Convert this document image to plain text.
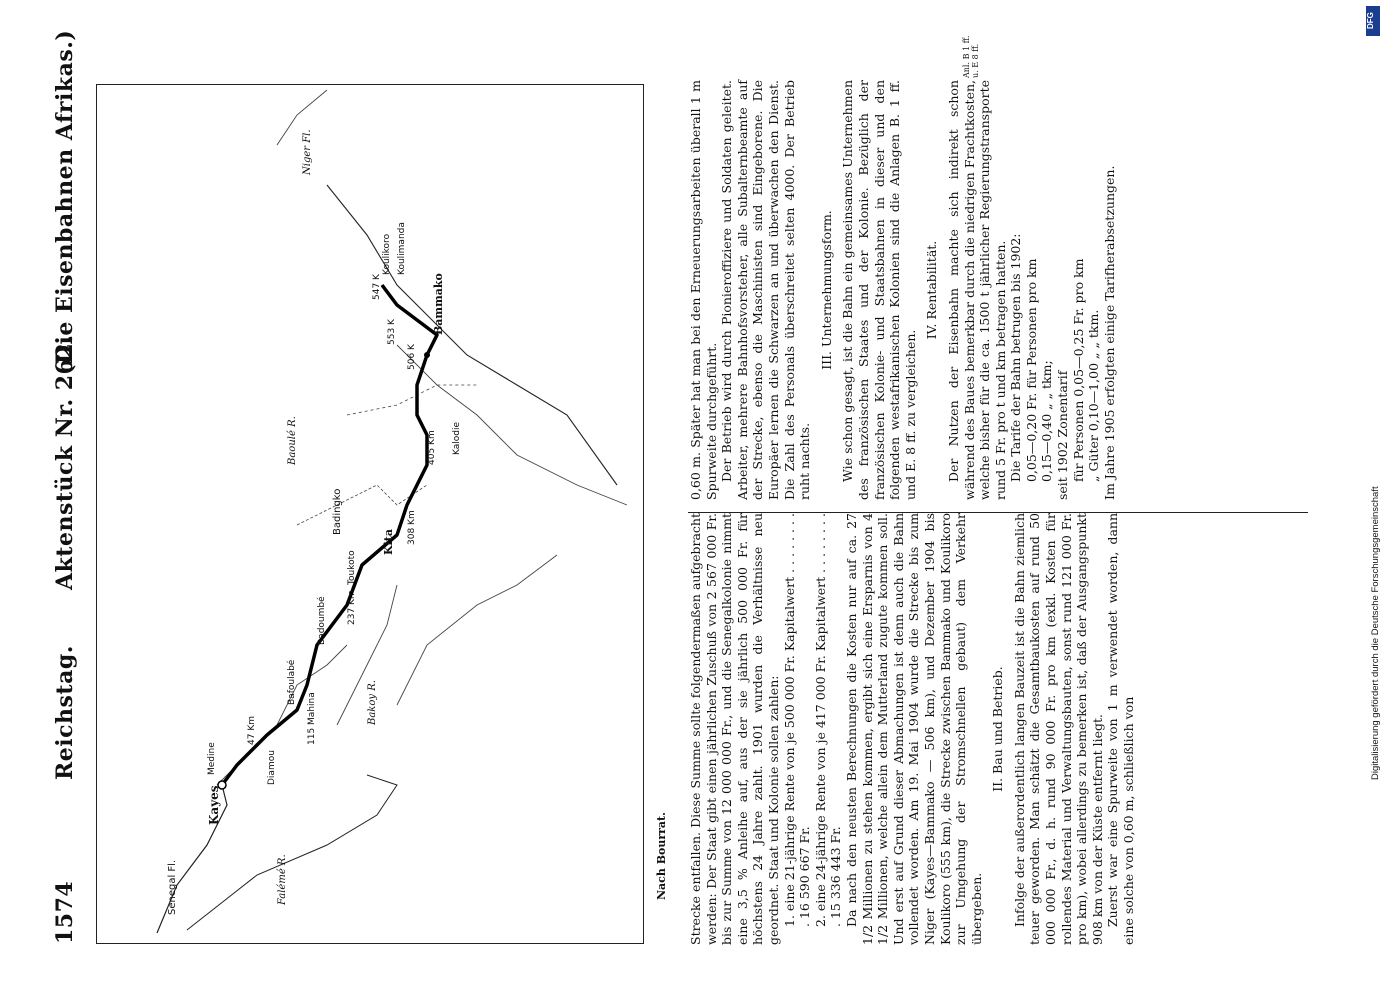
1574
Reichstag.
Aktenstück Nr. 262.
(Die Eisenbahnen Afrikas.)
Senegal Fl.
Kayes
Medine	Diamou
47 Km
Falémé R.
Bafoulabé
115 Mahina
Badoumbé 237 Km
Toukoto
Bakoy R.
Badingko
Kita 308 Km
Baoulé R.	405 Km Kalodie
506 K
553 K	Bammako
547 K
Koulikoro Koulimanda
Niger Fl.
Nach Bourrat. Strecke entfallen. Diese Summe sollte folgendermaßen aufgebracht werden: Der Staat gibt einen jährlichen Zuschuß von 2 567 000 Fr. bis zur Summe von 12 000 000 Fr., und die Senegalkolonie nimmt eine 3,5 % Anleihe auf, aus der sie jährlich 500 000 Fr. für höchstens 24 Jahre zahlt. 1901 wurden die Verhältnisse neu geordnet. Staat und Kolonie sollen zahlen: 1. eine 21-jährige Rente von je 500 000 Fr. Kapitalwert . . . . . . . . . 16 590 667 Fr. 2. eine 24-jährige Rente von je 417 000 Fr. Kapitalwert . . . . . . . . . 15 336 443 Fr. Da nach den neusten Berechnungen die Kosten nur auf ca. 27 1/2 Millionen zu stehen kommen, ergibt sich eine Ersparnis von 4 1/2 Millionen, welche allein dem Mutterland zugute kommen soll. Und erst auf Grund dieser Abmachungen ist denn auch die Bahn vollendet worden. Am 19. Mai 1904 wurde die Strecke bis zum Niger (Kayes—Bammako — 506 km), und Dezember 1904 bis Koulikoro (555 km), die Strecke zwischen Bammako und Koulikoro zur Umgehung der Stromschnellen gebaut) dem Verkehr übergeben.

II. Bau und Betrieb. Infolge der außerordentlich langen Bauzeit ist die Bahn ziemlich teuer geworden. Man schätzt die Gesamtbaukosten auf rund 50 000 000 Fr., d. h. rund 90 000 Fr. pro km (exkl. Kosten für rollendes Material und Verwaltungsbauten, sonst rund 121 000 Fr. pro km), wobei allerdings zu bemerken ist, daß der Ausgangspunkt 908 km von der Küste entfernt liegt. Zuerst war eine Spurweite von 1 m verwendet worden, dann eine solche von 0,60 m, schließlich von

0,60 m. Später hat man bei den Erneuerungsarbeiten überall 1 m Spurweite durchgeführt. Der Betrieb wird durch Pionieroffiziere und Soldaten geleitet. Arbeiter, mehrere Bahnhofsvorsteher, alle Subalternbeamte auf der Strecke, ebenso die Maschinisten sind Eingeborene. Die Europäer lernen die Schwarzen an und überwachen den Dienst. Die Zahl des Personals überschreitet selten 4000. Der Betrieb ruht nachts.

III. Unternehmungsform. Wie schon gesagt, ist die Bahn ein gemeinsames Unternehmen des französischen Staates und der Kolonie. Bezüglich der französischen Kolonie- und Staatsbahnen in dieser und den folgenden westafrikanischen Kolonien sind die Anlagen B. 1 ff. und E. 8 ff. zu vergleichen.

IV. Rentabilität. Der Nutzen der Eisenbahn machte sich indirekt schon während des Baues bemerkbar durch die niedrigen Frachtkosten, welche bisher für die ca. 1500 t jährlicher Regierungstransporte rund 5 Fr. pro t und km betragen hatten. Die Tarife der Bahn betrugen bis 1902: 0,05—0,20 Fr. für Personen pro km 0,15—0,40 „ „ tkm; seit 1902 Zonentarif für Personen 0,05—0,25 Fr. pro km „ Güter 0,10—1,00 „ „ tkm. Im Jahre 1905 erfolgten einige Tarifherabsetzungen.

Anl. B 1 ff. u. E 8 ff.
DFG
Digitalisierung gefördert durch die Deutsche Forschungsgemeinschaft
